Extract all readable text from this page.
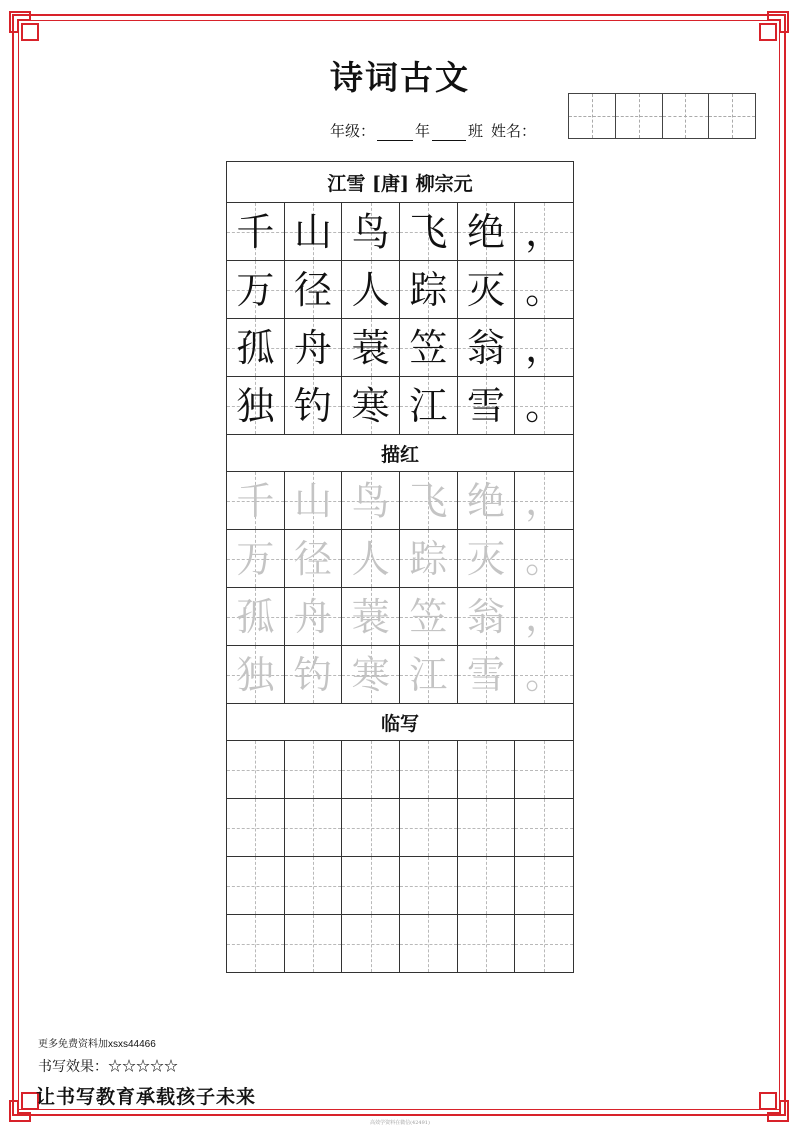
诗词古文
年级：	年	班 姓名：
江雪 [唐] 柳宗元
千 山 鸟 飞 绝 ，
万 径 人 踪 灭 。
孤 舟 蓑 笠 翁 ，
独 钓 寒 江 雪 。
描红
千 山 鸟 飞 绝 ，
万 径 人 踪 灭 。
孤 舟 蓑 笠 翁 ，
独 钓 寒 江 雪 。
临写
更多免费资料加xsxs44466
书写效果：☆☆☆☆☆
让书写教育承载孩子未来
高效学资料在微信(42491)
